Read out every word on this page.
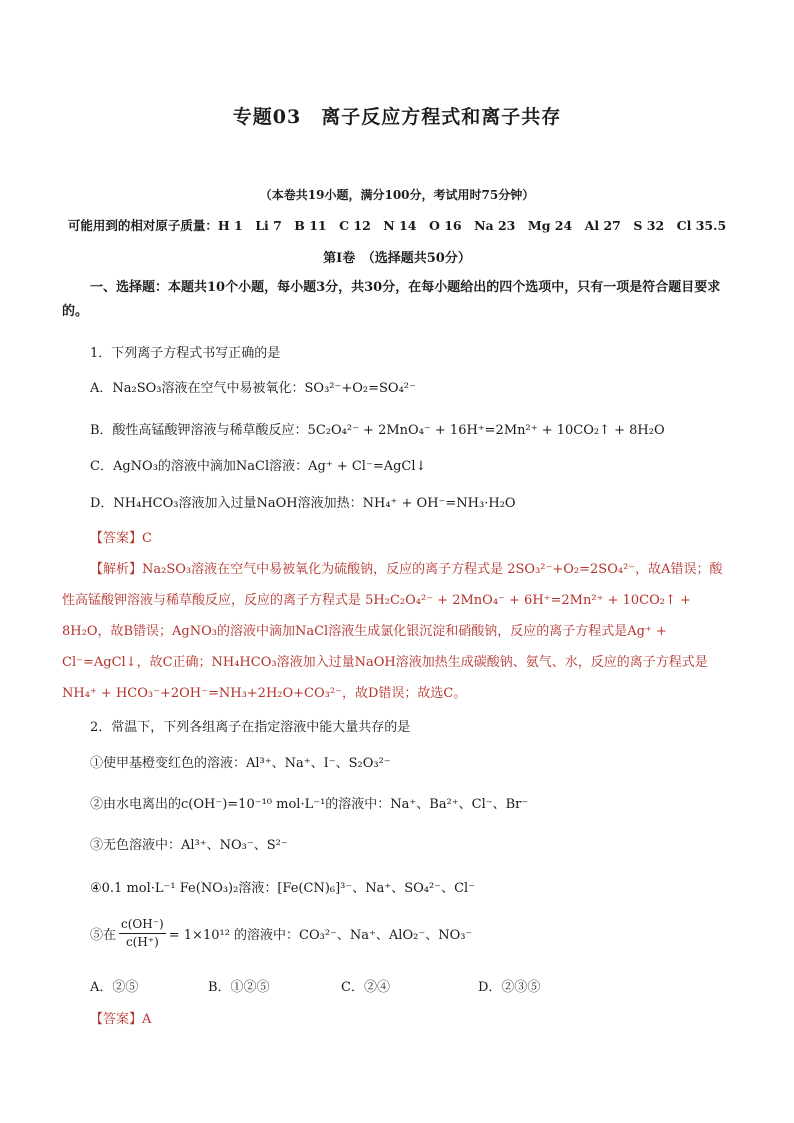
专题03　离子反应方程式和离子共存
（本卷共19小题，满分100分，考试用时75分钟）
可能用到的相对原子质量：H 1　Li 7　B 11　C 12　N 14　O 16　Na 23　Mg 24　Al 27　S 32　Cl 35.5
第Ⅰ卷　（选择题共50分）
一、选择题：本题共10个小题，每小题3分，共30分，在每小题给出的四个选项中，只有一项是符合题目要求的。
1．下列离子方程式书写正确的是
A．Na₂SO₃溶液在空气中易被氧化：SO₃²⁻+O₂=SO₄²⁻
B．酸性高锰酸钾溶液与稀草酸反应：5C₂O₄²⁻ + 2MnO₄⁻ + 16H⁺=2Mn²⁺ + 10CO₂↑ + 8H₂O
C．AgNO₃的溶液中滴加NaCl溶液：Ag⁺ + Cl⁻=AgCl↓
D．NH₄HCO₃溶液加入过量NaOH溶液加热：NH₄⁺ + OH⁻=NH₃·H₂O
【答案】C
【解析】Na₂SO₃溶液在空气中易被氧化为硫酸钠，反应的离子方程式是 2SO₃²⁻+O₂=2SO₄²⁻，故A错误；酸性高锰酸钾溶液与稀草酸反应，反应的离子方程式是 5H₂C₂O₄²⁻ + 2MnO₄⁻ + 6H⁺=2Mn²⁺ + 10CO₂↑ + 8H₂O，故B错误；AgNO₃的溶液中滴加NaCl溶液生成氯化银沉淀和硝酸钠，反应的离子方程式是Ag⁺ + Cl⁻=AgCl↓，故C正确；NH₄HCO₃溶液加入过量NaOH溶液加热生成碳酸钠、氨气、水，反应的离子方程式是NH₄⁺ + HCO₃⁻+2OH⁻=NH₃+2H₂O+CO₃²⁻，故D错误；故选C。
2．常温下，下列各组离子在指定溶液中能大量共存的是
①使甲基橙变红色的溶液：Al³⁺、Na⁺、I⁻、S₂O₃²⁻
②由水电离出的c(OH⁻)=10⁻¹⁰ mol·L⁻¹的溶液中：Na⁺、Ba²⁺、Cl⁻、Br⁻
③无色溶液中：Al³⁺、NO₃⁻、S²⁻
④0.1 mol·L⁻¹ Fe(NO₃)₂溶液：[Fe(CN)₆]³⁻、Na⁺、SO₄²⁻、Cl⁻
⑤在 $\frac{c(OH^-)}{c(H^+)} = 1\times 10^{12}$ 的溶液中：CO₃²⁻、Na⁺、AlO₂⁻、NO₃⁻
A．②⑤	B．①②⑤	C．②④	D．②③⑤
【答案】A
